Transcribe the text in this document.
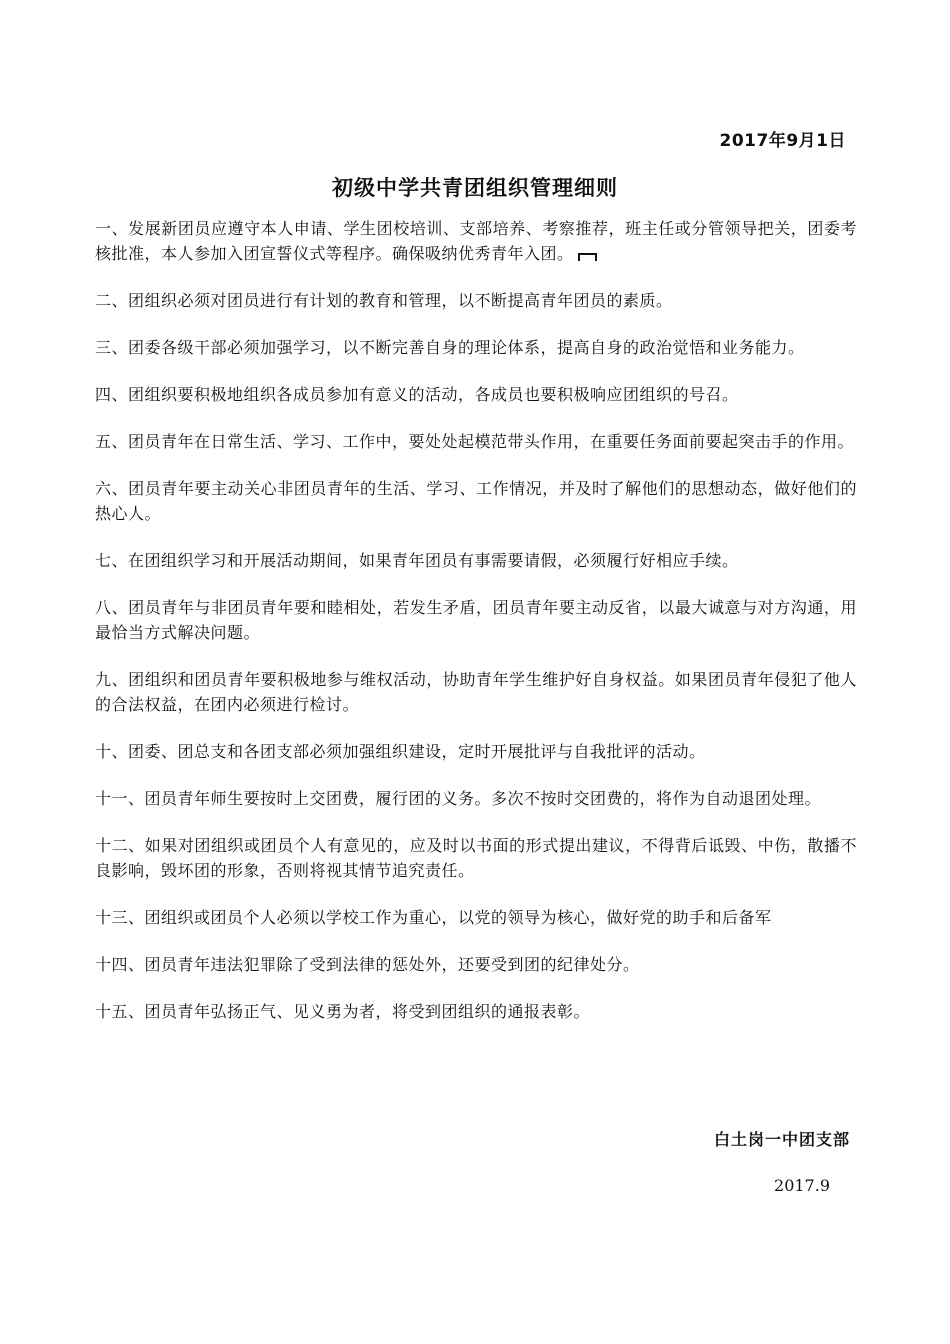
2017年9月1日
初级中学共青团组织管理细则

一、发展新团员应遵守本人申请、学生团校培训、支部培养、考察推荐，班主任或分管领导把关，团委考核批准，本人参加入团宣誓仪式等程序。确保吸纳优秀青年入团。

二、团组织必须对团员进行有计划的教育和管理，以不断提高青年团员的素质。

三、团委各级干部必须加强学习，以不断完善自身的理论体系，提高自身的政治觉悟和业务能力。

四、团组织要积极地组织各成员参加有意义的活动，各成员也要积极响应团组织的号召。

五、团员青年在日常生活、学习、工作中，要处处起模范带头作用，在重要任务面前要起突击手的作用。

六、团员青年要主动关心非团员青年的生活、学习、工作情况，并及时了解他们的思想动态，做好他们的热心人。

七、在团组织学习和开展活动期间，如果青年团员有事需要请假，必须履行好相应手续。

八、团员青年与非团员青年要和睦相处，若发生矛盾，团员青年要主动反省，以最大诚意与对方沟通，用最恰当方式解决问题。

九、团组织和团员青年要积极地参与维权活动，协助青年学生维护好自身权益。如果团员青年侵犯了他人的合法权益，在团内必须进行检讨。

十、团委、团总支和各团支部必须加强组织建设，定时开展批评与自我批评的活动。

十一、团员青年师生要按时上交团费，履行团的义务。多次不按时交团费的，将作为自动退团处理。

十二、如果对团组织或团员个人有意见的，应及时以书面的形式提出建议，不得背后诋毁、中伤，散播不良影响，毁坏团的形象，否则将视其情节追究责任。

十三、团组织或团员个人必须以学校工作为重心，以党的领导为核心，做好党的助手和后备军

十四、团员青年违法犯罪除了受到法律的惩处外，还要受到团的纪律处分。

十五、团员青年弘扬正气、见义勇为者，将受到团组织的通报表彰。

白土岗一中团支部
2017.9
